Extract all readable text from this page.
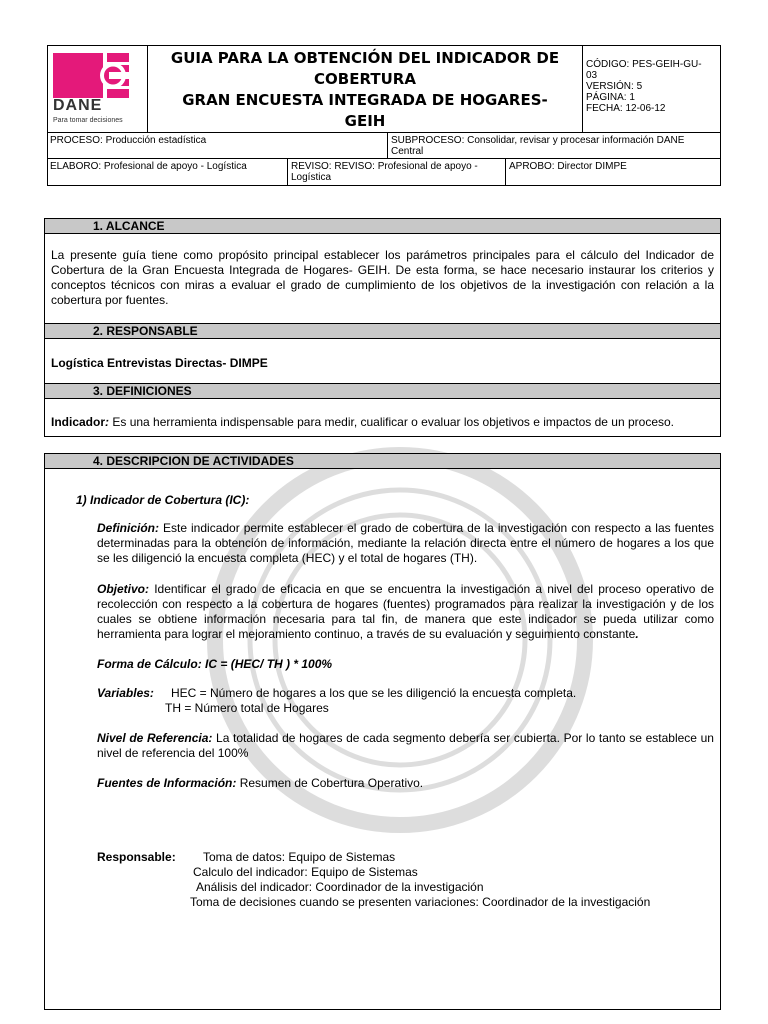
DANE
Para tomar decisiones
GUIA PARA LA OBTENCIÓN DEL INDICADOR DE
COBERTURA
GRAN ENCUESTA INTEGRADA DE HOGARES-
GEIH
CÓDIGO: PES-GEIH-GU-
03
VERSIÓN: 5
PÁGINA: 1
FECHA: 12-06-12
PROCESO: Producción estadística	SUBPROCESO: Consolidar, revisar y procesar información DANE Central
ELABORO: Profesional de apoyo - Logística	REVISO: REVISO: Profesional de apoyo - Logística
APROBO: Director DIMPE
1. ALCANCE
La presente guía tiene como propósito principal establecer los parámetros principales para el cálculo del Indicador de Cobertura de la Gran Encuesta Integrada de Hogares- GEIH. De esta forma, se hace necesario instaurar los criterios y conceptos técnicos con miras a evaluar el grado de cumplimiento de los objetivos de la investigación con relación a la cobertura por fuentes.
2. RESPONSABLE
Logística Entrevistas Directas- DIMPE
3. DEFINICIONES
Indicador: Es una herramienta indispensable para medir, cualificar o evaluar los objetivos e impactos de un proceso.
4. DESCRIPCION DE ACTIVIDADES
1) Indicador de Cobertura (IC):
Definición: Este indicador permite establecer el grado de cobertura de la investigación con respecto a las fuentes determinadas para la obtención de información, mediante la relación directa entre el número de hogares a los que se les diligenció la encuesta completa (HEC) y el total de hogares (TH).
Objetivo: Identificar el grado de eficacia en que se encuentra la investigación a nivel del proceso operativo de recolección con respecto a la cobertura de hogares (fuentes) programados para realizar la investigación y de los cuales se obtiene información necesaria para tal fin, de manera que este indicador se pueda utilizar como herramienta para lograr el mejoramiento continuo, a través de su evaluación y seguimiento constante.
Forma de Cálculo: IC = (HEC/ TH ) * 100%
Variables: HEC = Número de hogares a los que se les diligenció la encuesta completa.
TH = Número total de Hogares
Nivel de Referencia: La totalidad de hogares de cada segmento debería ser cubierta. Por lo tanto se establece un nivel de referencia del 100%
Fuentes de Información: Resumen de Cobertura Operativo.
Responsable: Toma de datos: Equipo de Sistemas
Calculo del indicador: Equipo de Sistemas
Análisis del indicador: Coordinador de la investigación
Toma de decisiones cuando se presenten variaciones: Coordinador de la investigación
